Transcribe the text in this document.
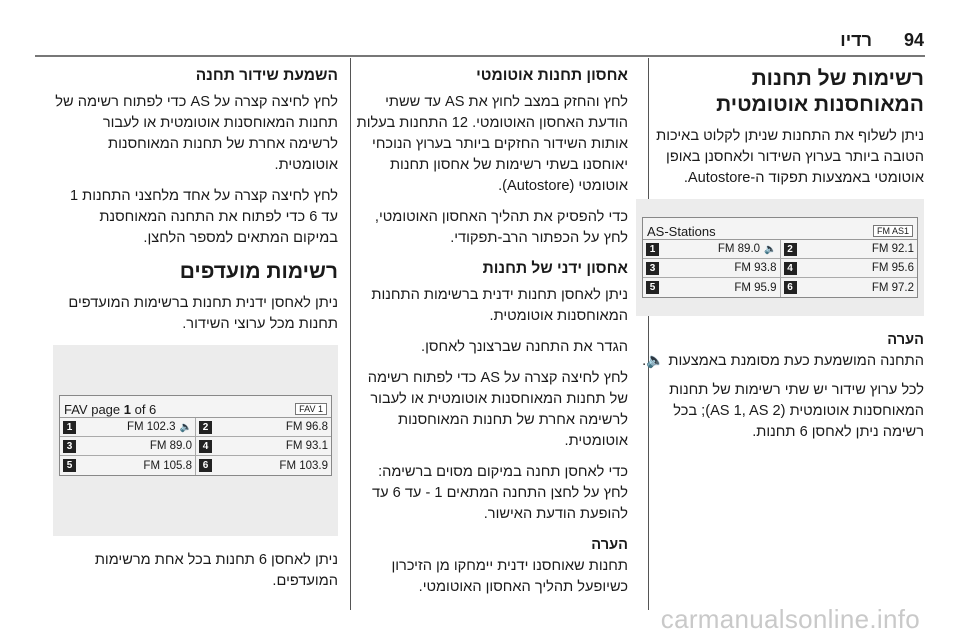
94
רדיו
רשימות של תחנות המאוחסנות אוטומטית

ניתן לשלוף את התחנות שניתן לקלוט באיכות הטובה ביותר בערוץ השידור ולאחסנן באופן אוטומטי באמצעות תפקוד ה-Autostore.

AS-Stations	FM AS1
1	FM 89.0 🔈	2	FM 92.1
3	FM 93.8	4	FM 95.6
5	FM 95.9	6	FM 97.2
הערה

התחנה המושמעת כעת מסומנת באמצעות 🔈.

לכל ערוץ שידור יש שתי רשימות של תחנות המאוחסנות אוטומטית (AS 1, AS 2); בכל רשימה ניתן לאחסן 6 תחנות.

אחסון תחנות אוטומטי

לחץ והחזק במצב לחוץ את AS עד ששתי הודעת האחסון האוטומטי. 12 התחנות בעלות אותות השידור החזקים ביותר בערוץ הנוכחי יאוחסנו בשתי רשימות של אחסון תחנות אוטומטי (Autostore).

כדי להפסיק את תהליך האחסון האוטומטי, לחץ על הכפתור הרב-תפקודי.

אחסון ידני של תחנות

ניתן לאחסן תחנות ידנית ברשימות התחנות המאוחסנות אוטומטית.

הגדר את התחנה שברצונך לאחסן.

לחץ לחיצה קצרה על AS כדי לפתוח רשימה של תחנות המאוחסנות אוטומטית או לעבור לרשימה אחרת של תחנות המאוחסנות אוטומטית.

כדי לאחסן תחנה במיקום מסוים ברשימה: לחץ על לחצן התחנה המתאים 1 - עד 6 עד להופעת הודעת האישור.

הערה

תחנות שאוחסנו ידנית יימחקו מן הזיכרון כשיופעל תהליך האחסון האוטומטי.

השמעת שידור תחנה

לחץ לחיצה קצרה על AS כדי לפתוח רשימה של תחנות המאוחסנות אוטומטית או לעבור לרשימה אחרת של תחנות המאוחסנות אוטומטית.

לחץ לחיצה קצרה על אחד מלחצני התחנות 1 עד 6 כדי לפתוח את התחנה המאוחסנת במיקום המתאים למספר הלחצן.

רשימות מועדפים

ניתן לאחסן ידנית תחנות ברשימות המועדפים תחנות מכל ערוצי השידור.

FAV page 1 of 6	FAV 1
1	FM 102.3 🔈	2	FM 96.8
3	FM 89.0	4	FM 93.1
5	FM 105.8	6	FM 103.9

ניתן לאחסן 6 תחנות בכל אחת מרשימות המועדפים.

carmanualsonline.info
